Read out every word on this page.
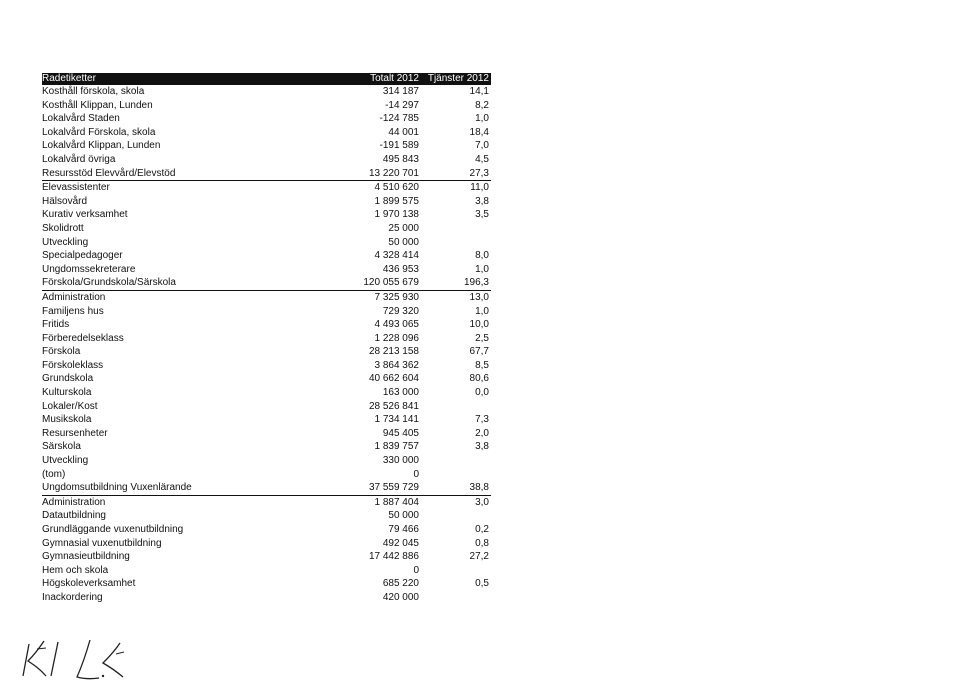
Radetiketter	Totalt 2012	Tjänster 2012
Kosthåll förskola, skola	314 187	14,1
Kosthåll Klippan, Lunden	-14 297	8,2
Lokalvård Staden	-124 785	1,0
Lokalvård Förskola, skola	44 001	18,4
Lokalvård Klippan, Lunden	-191 589	7,0
Lokalvård övriga	495 843	4,5
Resursstöd Elevvård/Elevstöd	13 220 701	27,3
Elevassistenter	4 510 620	11,0
Hälsovård	1 899 575	3,8
Kurativ verksamhet	1 970 138	3,5
Skolidrott	25 000	
Utveckling	50 000	
Specialpedagoger	4 328 414	8,0
Ungdomssekreterare	436 953	1,0
Förskola/Grundskola/Särskola	120 055 679	196,3
Administration	7 325 930	13,0
Familjens hus	729 320	1,0
Fritids	4 493 065	10,0
Förberedelseklass	1 228 096	2,5
Förskola	28 213 158	67,7
Förskoleklass	3 864 362	8,5
Grundskola	40 662 604	80,6
Kulturskola	163 000	0,0
Lokaler/Kost	28 526 841	
Musikskola	1 734 141	7,3
Resursenheter	945 405	2,0
Särskola	1 839 757	3,8
Utveckling	330 000	
(tom)	0	
Ungdomsutbildning Vuxenlärande	37 559 729	38,8
Administration	1 887 404	3,0
Datautbildning	50 000	
Grundläggande vuxenutbildning	79 466	0,2
Gymnasial vuxenutbildning	492 045	0,8
Gymnasieutbildning	17 442 886	27,2
Hem och skola	0	
Högskoleverksamhet	685 220	0,5
Inackordering	420 000	
